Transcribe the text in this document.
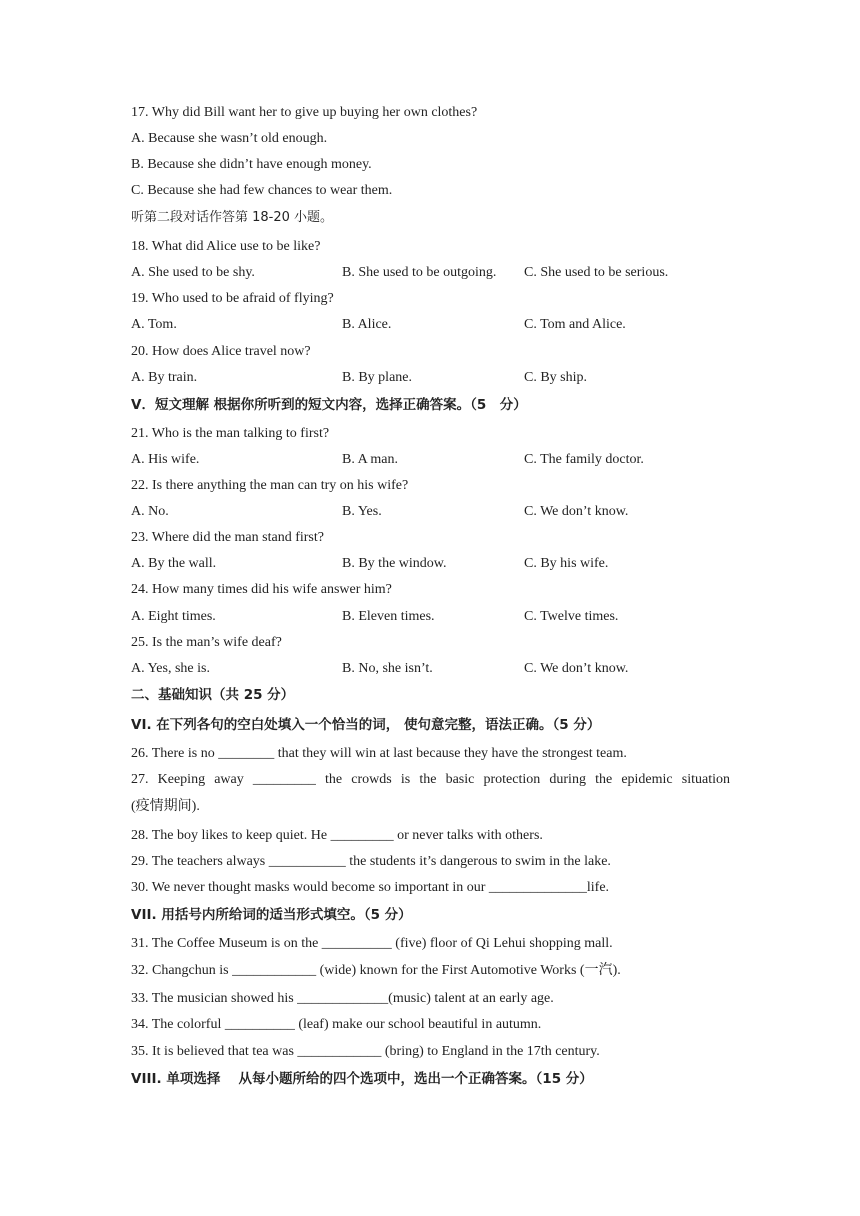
17. Why did Bill want her to give up buying her own clothes?
A. Because she wasn’t old enough.
B. Because she didn’t have enough money.
C. Because she had few chances to wear them.
听第二段对话作答第 18-20 小题。
18. What did Alice use to be like?
A. She used to be shy.	B. She used to be outgoing. C. She used to be serious.
19. Who used to be afraid of flying?
A. Tom.	B. Alice.	C. Tom and Alice.
20. How does Alice travel now?
A. By train.	B. By plane.	C. By ship.
V．短文理解 根据你所听到的短文内容，选择正确答案。（5　分）
21. Who is the man talking to first?
A. His wife.	B. A man.	C. The family doctor.
22. Is there anything the man can try on his wife?
A. No.	B. Yes.	C. We don’t know.
23. Where did the man stand first?
A. By the wall.	B. By the window.	C. By his wife.
24. How many times did his wife answer him?
A. Eight times.	B. Eleven times.	C. Twelve times.
25. Is the man’s wife deaf?
A. Yes, she is.	B. No, she isn’t.	C. We don’t know.
二、基础知识（共 25 分）
VI. 在下列各句的空白处填入一个恰当的词， 使句意完整，语法正确。（5 分）
26. There is no ________ that they will win at last because they have the strongest team.
27. Keeping away _________ the crowds is the basic protection during the epidemic situation
(疫情期间).
28. The boy likes to keep quiet. He _________ or never talks with others.
29. The teachers always ___________ the students it’s dangerous to swim in the lake.
30. We never thought masks would become so important in our ______________life.
VII. 用括号内所给词的适当形式填空。（5 分）
31. The Coffee Museum is on the __________ (five) floor of Qi Lehui shopping mall.
32. Changchun is ____________ (wide) known for the First Automotive Works (一汽).
33. The musician showed his _____________(music) talent at an early age.
34. The colorful __________ (leaf) make our school beautiful in autumn.
35. It is believed that tea was ____________ (bring) to England in the 17th century.
VIII. 单项选择　 从每小题所给的四个选项中，选出一个正确答案。（15 分）
